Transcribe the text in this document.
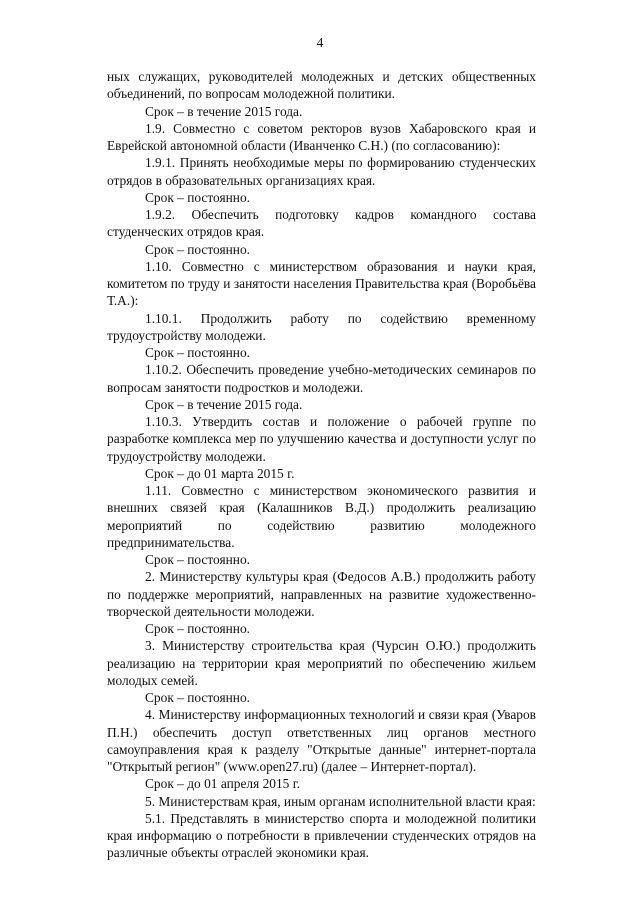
4

ных служащих, руководителей молодежных и детских общественных объединений, по вопросам молодежной политики.

Срок – в течение 2015 года.

1.9. Совместно с советом ректоров вузов Хабаровского края и Еврейской автономной области (Иванченко С.Н.) (по согласованию):

1.9.1. Принять необходимые меры по формированию студенческих отрядов в образовательных организациях края.

Срок – постоянно.

1.9.2. Обеспечить подготовку кадров командного состава студенческих отрядов края.

Срок – постоянно.

1.10. Совместно с министерством образования и науки края, комитетом по труду и занятости населения Правительства края (Воробьёва Т.А.):

1.10.1. Продолжить работу по содействию временному трудоустройству молодежи.

Срок – постоянно.

1.10.2. Обеспечить проведение учебно-методических семинаров по вопросам занятости подростков и молодежи.

Срок – в течение 2015 года.

1.10.3. Утвердить состав и положение о рабочей группе по разработке комплекса мер по улучшению качества и доступности услуг по трудоустройству молодежи.

Срок – до 01 марта 2015 г.

1.11. Совместно с министерством экономического развития и внешних связей края (Калашников В.Д.) продолжить реализацию мероприятий по содействию развитию молодежного предпринимательства.

Срок – постоянно.

2. Министерству культуры края (Федосов А.В.) продолжить работу по поддержке мероприятий, направленных на развитие художественно-творческой деятельности молодежи.

Срок – постоянно.

3. Министерству строительства края (Чурсин О.Ю.) продолжить реализацию на территории края мероприятий по обеспечению жильем молодых семей.

Срок – постоянно.

4. Министерству информационных технологий и связи края (Уваров П.Н.) обеспечить доступ ответственных лиц органов местного самоуправления края к разделу "Открытые данные" интернет-портала "Открытый регион" (www.open27.ru) (далее – Интернет-портал).

Срок – до 01 апреля 2015 г.

5. Министерствам края, иным органам исполнительной власти края:

5.1. Представлять в министерство спорта и молодежной политики края информацию о потребности в привлечении студенческих отрядов на различные объекты отраслей экономики края.
